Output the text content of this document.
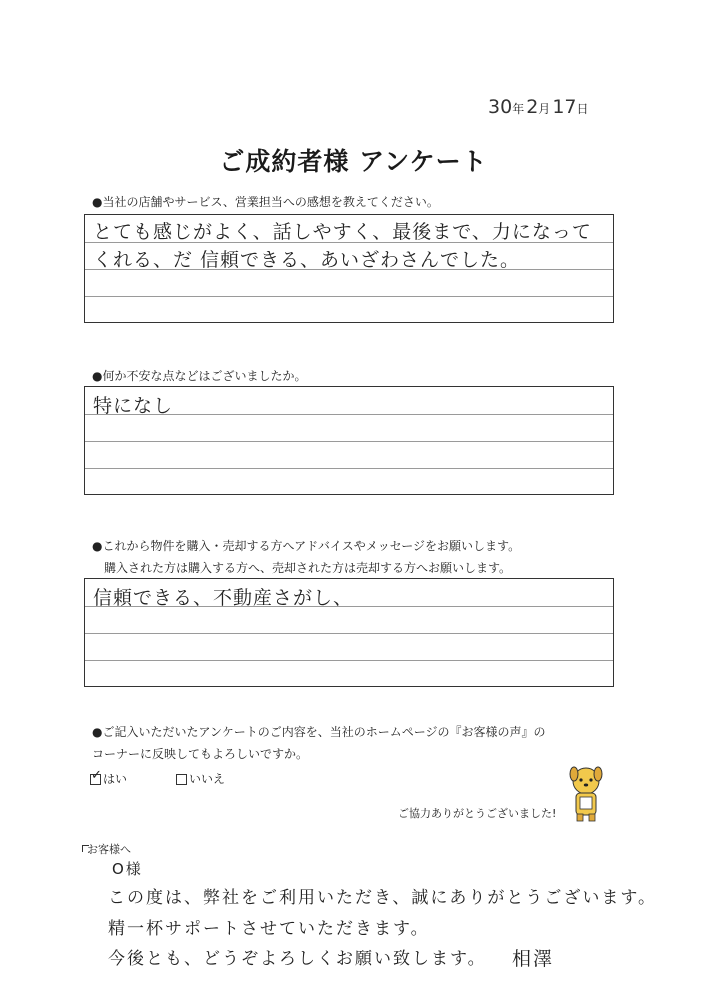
30年 2月 17日
ご成約者様 アンケート
●当社の店舗やサービス、営業担当への感想を教えてください。
とても感じがよく、話しやすく、最後まで、力になって
くれる、だ 信頼できる、あいざわさんでした。
●何か不安な点などはございましたか。
特になし
●これから物件を購入・売却する方へアドバイスやメッセージをお願いします。
購入された方は購入する方へ、売却された方は売却する方へお願いします。
信頼できる、不動産さがし、
●ご記入いただいたアンケートのご内容を、当社のホームページの『お客様の声』の
コーナーに反映してもよろしいですか。
✓はい	いいえ
ご協力ありがとうございました!
お客様へ
O様
この度は、弊社をご利用いただき、誠にありがとうございます。
精一杯サポートさせていただきます。
今後とも、どうぞよろしくお願い致します。 相澤
